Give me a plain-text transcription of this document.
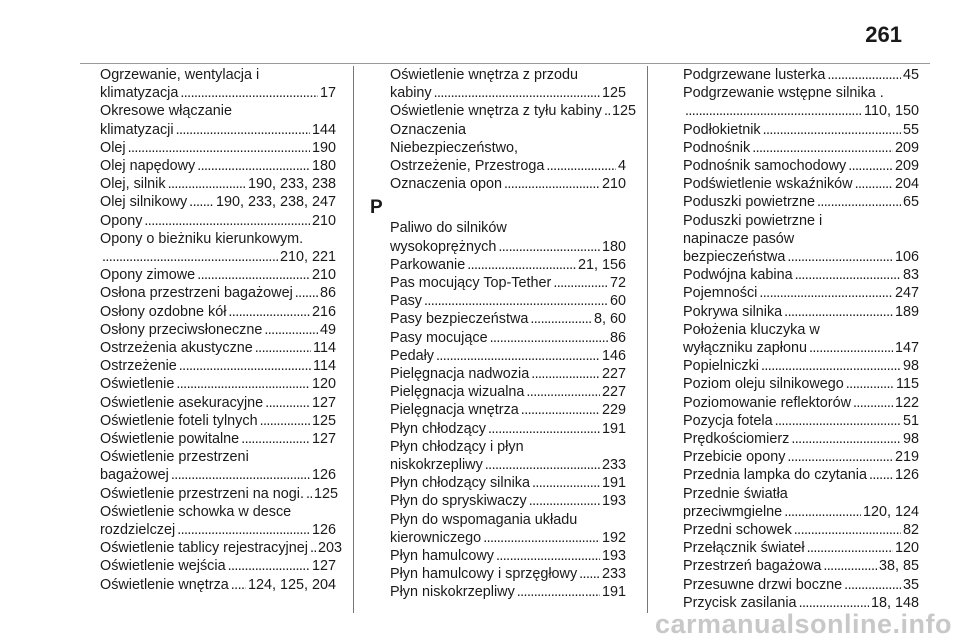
261
Ogrzewanie, wentylacja i
klimatyzacja . . .	17
Okresowe włączanie
klimatyzacji . . .	144
Olej . . .	190
Olej napędowy . . .	180
Olej, silnik . . .	190, 233, 238
Olej silnikowy . . . 190, 233, 238, 247
Opony . . .	210
Opony o bieżniku kierunkowym.
. . .
210, 221
Opony zimowe . . .	210
Osłona przestrzeni bagażowej . . . 86
Osłony ozdobne kół . . .	216
Osłony przeciwsłoneczne . . .	49
Ostrzeżenia akustyczne . . .	114
Ostrzeżenie . . .	114
Oświetlenie . . .	120
Oświetlenie asekuracyjne . . .	127
Oświetlenie foteli tylnych . . .	125
Oświetlenie powitalne . . .	127
Oświetlenie przestrzeni
bagażowej . . .	126
Oświetlenie przestrzeni na nogi. . . . 125
Oświetlenie schowka w desce
rozdzielczej . . .	126
Oświetlenie tablicy rejestracyjnej . . . 203
Oświetlenie wejścia . . .	127
Oświetlenie wnętrza . . . 124, 125, 204
Oświetlenie wnętrza z przodu
kabiny . . .	125
Oświetlenie wnętrza z tyłu kabiny . . . 125
Oznaczenia
Niebezpieczeństwo,
Ostrzeżenie, Przestroga . . .	4
Oznaczenia opon . . .	210
P
Paliwo do silników
wysokoprężnych . . .	180
Parkowanie . . .	21, 156
Pas mocujący Top-Tether . . .	72
Pasy . . .	60
Pasy bezpieczeństwa . . .	8, 60
Pasy mocujące . . .	86
Pedały . . .	146
Pielęgnacja nadwozia . . .	227
Pielęgnacja wizualna . . .	227
Pielęgnacja wnętrza . . .	229
Płyn chłodzący . . .	191
Płyn chłodzący i płyn
niskokrzepliwy . . .	233
Płyn chłodzący silnika . . .	191
Płyn do spryskiwaczy . . .	193
Płyn do wspomagania układu
kierowniczego . . .	192
Płyn hamulcowy . . .	193
Płyn hamulcowy i sprzęgłowy . . . 233
Płyn niskokrzepliwy . . .	191
Podgrzewane lusterka . . .	45
Podgrzewanie wstępne silnika .
. . .
110, 150
Podłokietnik . . .	55
Podnośnik . . .	209
Podnośnik samochodowy . . .	209
Podświetlenie wskaźników . . .	204
Poduszki powietrzne . . .	65
Poduszki powietrzne i
napinacze pasów
bezpieczeństwa . . .	106
Podwójna kabina . . .	83
Pojemności . . .	247
Pokrywa silnika . . .	189
Położenia kluczyka w
wyłączniku zapłonu . . .	147
Popielniczki . . .	98
Poziom oleju silnikowego . . .	115
Poziomowanie reflektorów . . .	122
Pozycja fotela . . .	51
Prędkościomierz . . .	98
Przebicie opony . . .	219
Przednia lampka do czytania . . . 126
Przednie światła
przeciwmgielne . . .	120, 124
Przedni schowek . . .	82
Przełącznik świateł . . .	120
Przestrzeń bagażowa . . .	38, 85
Przesuwne drzwi boczne . . .	35
Przycisk zasilania . . .	18, 148
carmanualsonline.info
